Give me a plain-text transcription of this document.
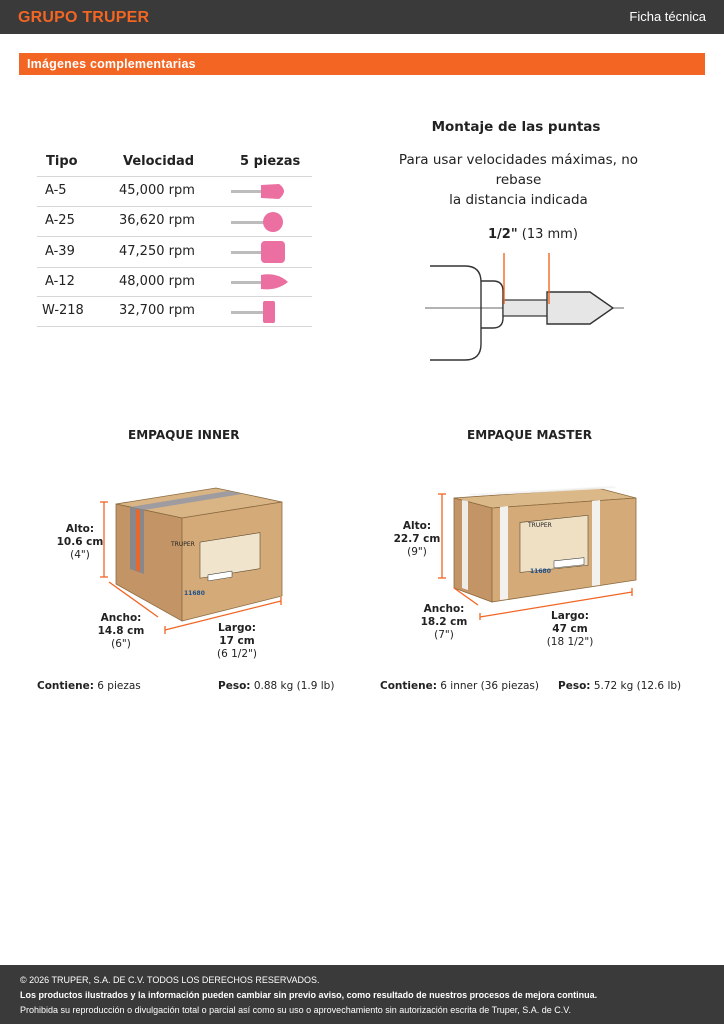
GRUPO TRUPER	Ficha técnica
Imágenes complementarias
Tipo	Velocidad	5 piezas
A-5	45,000 rpm
A-25	36,620 rpm
A-39	47,250 rpm
A-12	48,000 rpm
W-218	32,700 rpm
Montaje de las puntas
Para usar velocidades máximas, no rebase
la distancia indicada
1/2" (13 mm)
EMPAQUE INNER
TRUPER
11680
Alto:
10.6 cm
(4")
Ancho:
14.8 cm
(6")
Largo:
17 cm
(6 1/2")
Contiene: 6 piezas	Peso: 0.88 kg (1.9 lb)
EMPAQUE MASTER
TRUPER
11680
Alto:
22.7 cm
(9")
Ancho:
18.2 cm
(7")
Largo:
47 cm
(18 1/2")
Contiene: 6 inner (36 piezas) Peso: 5.72 kg (12.6 lb)
© 2026 TRUPER, S.A. DE C.V. TODOS LOS DERECHOS RESERVADOS.
Los productos ilustrados y la información pueden cambiar sin previo aviso, como resultado de nuestros procesos de mejora continua.
Prohibida su reproducción o divulgación total o parcial así como su uso o aprovechamiento sin autorización escrita de Truper, S.A. de C.V.
